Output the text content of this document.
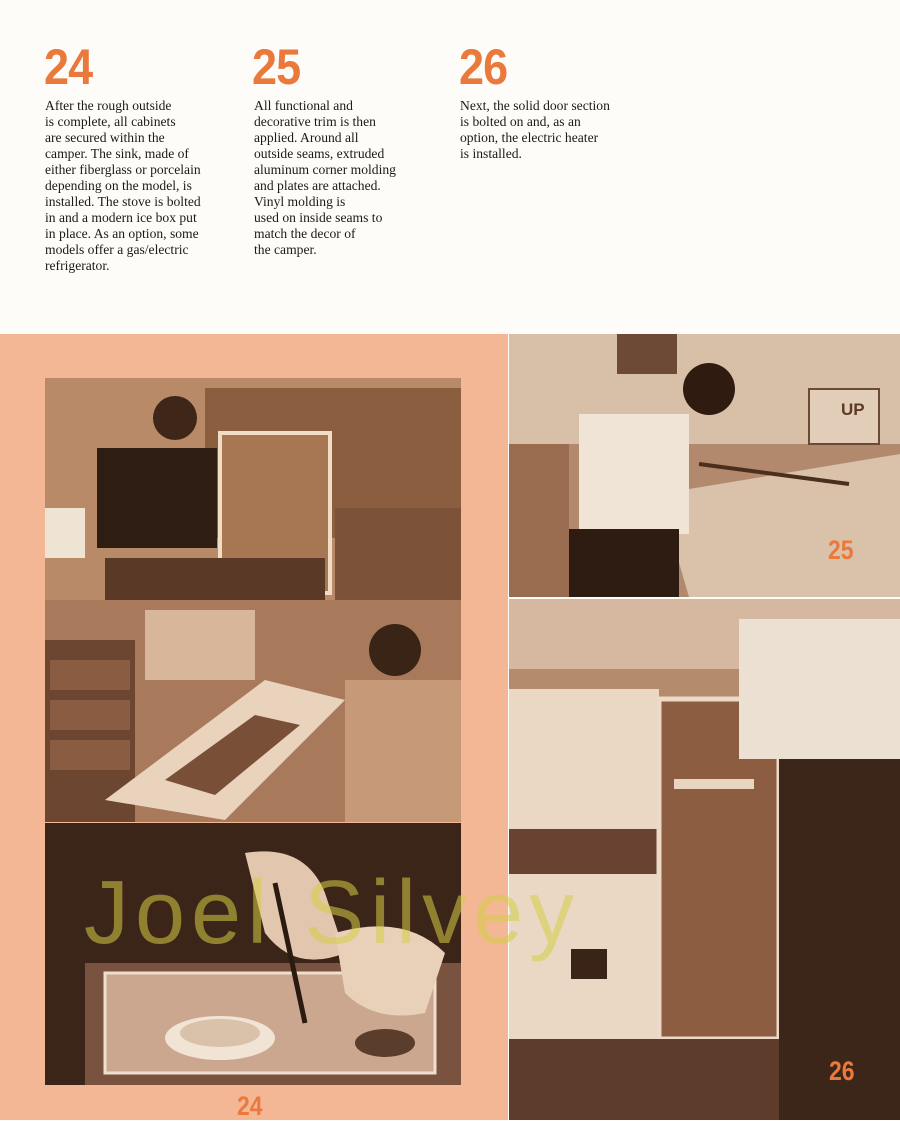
24

After the rough outside
is complete, all cabinets
are secured within the
camper. The sink, made of
either fiberglass or porcelain
depending on the model, is
installed. The stove is bolted
in and a modern ice box put
in place. As an option, some
models offer a gas/electric
refrigerator.

25

All functional and
decorative trim is then
applied. Around all
outside seams, extruded
aluminum corner molding
and plates are attached.
Vinyl molding is
used on inside seams to
match the decor of
the camper.

26

Next, the solid door section
is bolted on and, as an
option, the electric heater
is installed.

24
UP
25
26
Joel Silvey
